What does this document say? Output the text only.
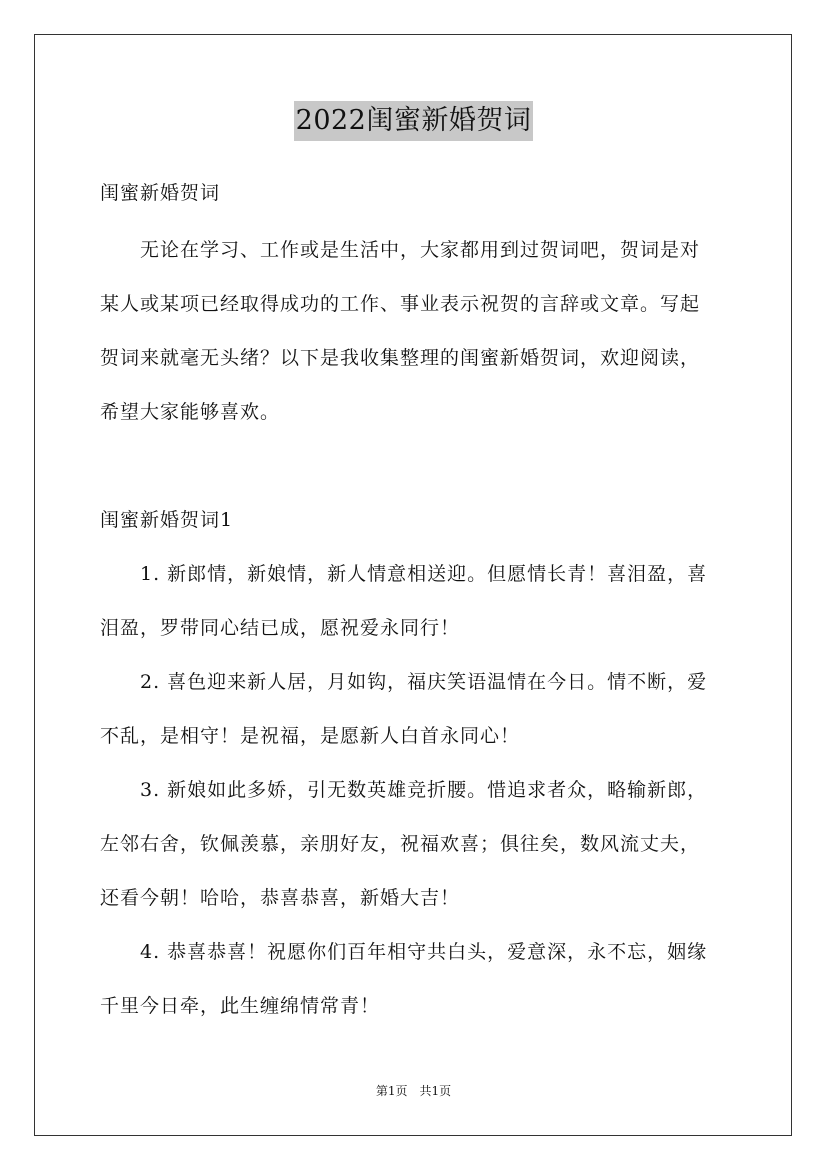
2022闺蜜新婚贺词
闺蜜新婚贺词
　　无论在学习、工作或是生活中，大家都用到过贺词吧，贺词是对
某人或某项已经取得成功的工作、事业表示祝贺的言辞或文章。写起
贺词来就毫无头绪？以下是我收集整理的闺蜜新婚贺词，欢迎阅读，
希望大家能够喜欢。
闺蜜新婚贺词1
　　1. 新郎情，新娘情，新人情意相送迎。但愿情长青！喜泪盈，喜
泪盈，罗带同心结已成，愿祝爱永同行！
　　2. 喜色迎来新人居，月如钩，福庆笑语温情在今日。情不断，爱
不乱，是相守！是祝福，是愿新人白首永同心！
　　3. 新娘如此多娇，引无数英雄竞折腰。惜追求者众，略输新郎，
左邻右舍，钦佩羡慕，亲朋好友，祝福欢喜；俱往矣，数风流丈夫，
还看今朝！哈哈，恭喜恭喜，新婚大吉！
　　4. 恭喜恭喜！祝愿你们百年相守共白头，爱意深，永不忘，姻缘
千里今日牵，此生缠绵情常青！
第1页　共1页
